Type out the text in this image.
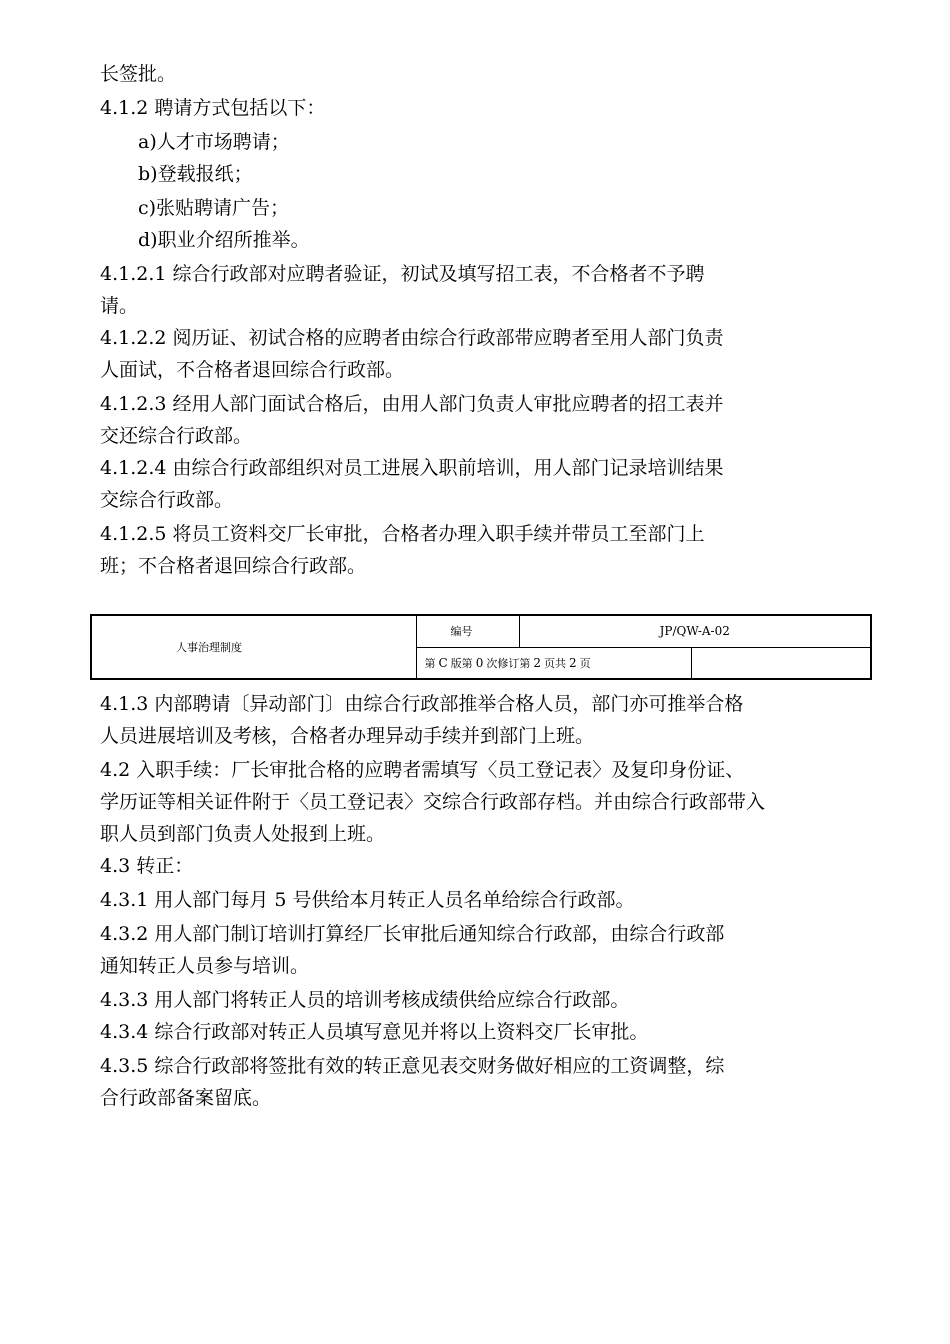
长签批。
4.1.2 聘请方式包括以下：
a)人才市场聘请；
b)登载报纸；
c)张贴聘请广告；
d)职业介绍所推举。
4.1.2.1 综合行政部对应聘者验证，初试及填写招工表，不合格者不予聘
请。
4.1.2.2 阅历证、初试合格的应聘者由综合行政部带应聘者至用人部门负责
人面试，不合格者退回综合行政部。
4.1.2.3 经用人部门面试合格后，由用人部门负责人审批应聘者的招工表并
交还综合行政部。
4.1.2.4 由综合行政部组织对员工进展入职前培训，用人部门记录培训结果
交综合行政部。
4.1.2.5 将员工资料交厂长审批，合格者办理入职手续并带员工至部门上
班；不合格者退回综合行政部。
人事治理制度	编号	JP/QW-A-02	
	第 C 版第 0 次修订第 2 页共 2 页		
4.1.3 内部聘请〔异动部门〕由综合行政部推举合格人员，部门亦可推举合格
人员进展培训及考核，合格者办理异动手续并到部门上班。
4.2 入职手续：厂长审批合格的应聘者需填写〈员工登记表〉及复印身份证、
学历证等相关证件附于〈员工登记表〉交综合行政部存档。并由综合行政部带入
职人员到部门负责人处报到上班。
4.3 转正：
4.3.1 用人部门每月 5 号供给本月转正人员名单给综合行政部。
4.3.2 用人部门制订培训打算经厂长审批后通知综合行政部，由综合行政部
通知转正人员参与培训。
4.3.3 用人部门将转正人员的培训考核成绩供给应综合行政部。
4.3.4 综合行政部对转正人员填写意见并将以上资料交厂长审批。
4.3.5 综合行政部将签批有效的转正意见表交财务做好相应的工资调整，综
合行政部备案留底。
